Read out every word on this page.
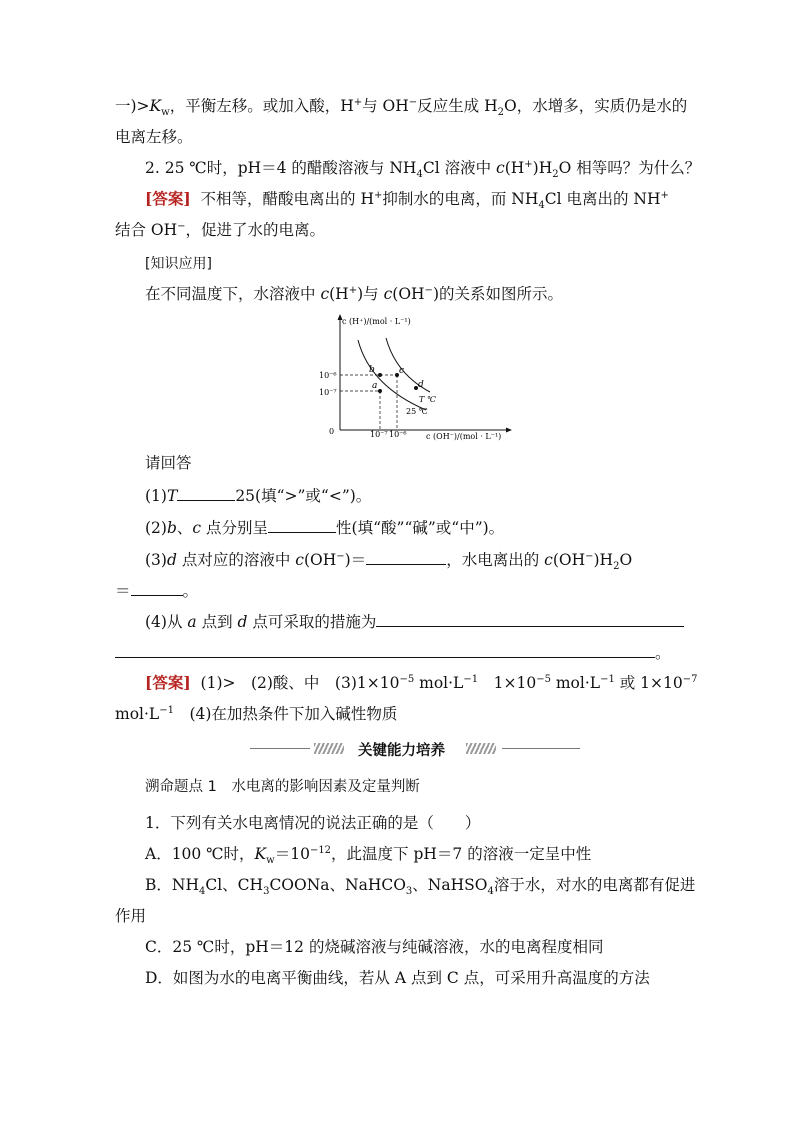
一)$>K_w$，平衡左移。或加入酸，H+与 OH−反应生成 $H_2O$，水增多，实质仍是水的
电离左移。
2. 25 ℃时，pH＝4 的醋酸溶液与 $NH_4Cl$ 溶液中 $c(H^+)H_2O$ 相等吗？为什么？
[答案] 不相等，醋酸电离出的 H+抑制水的电离，而 $NH_4Cl$ 电离出的 NH+
结合 OH−，促进了水的电离。
[知识应用]
在不同温度下，水溶液中 c(H+)与 c(OH−)的关系如图所示。
c (H⁺)/(mol · L⁻¹)
c (OH⁻)/(mol · L⁻¹)
0
10⁻⁶
10⁻⁷
10⁻⁷ 10⁻⁶
a
b	c
d
T ℃
25 ℃
请回答
(1)T	25(填“>”或“<”)。
(2)b、c 点分别呈	性(填“酸”“碱”或“中”)。
(3)d 点对应的溶液中 c(OH−)＝	，水电离出的 $c(OH^-)H_2O$
＝	。
(4)从 a 点到 d 点可采取的措施为
。
[答案] (1)>　(2)酸、中　$(3)1\times 10^{-5}$ $mol\cdot L^{-1}$　$1\times 10^{-5}$ $mol\cdot L^{-1}$ 或 $1\times 10^{-7}$
$mol\cdot L^{-1}$　(4)在加热条件下加入碱性物质
关键能力培养
溯命题点 1　水电离的影响因素及定量判断
1．下列有关水电离情况的说法正确的是（　　）
A．100 ℃时，$K_w=10^{-12}$，此温度下 pH＝7 的溶液一定呈中性
B．$NH_4Cl$、$CH_3COONa$、NaHCO$_3$、NaHSO$_4$溶于水，对水的电离都有促进
作用
C．25 ℃时，pH＝12 的烧碱溶液与纯碱溶液，水的电离程度相同
D．如图为水的电离平衡曲线，若从 A 点到 C 点，可采用升高温度的方法
